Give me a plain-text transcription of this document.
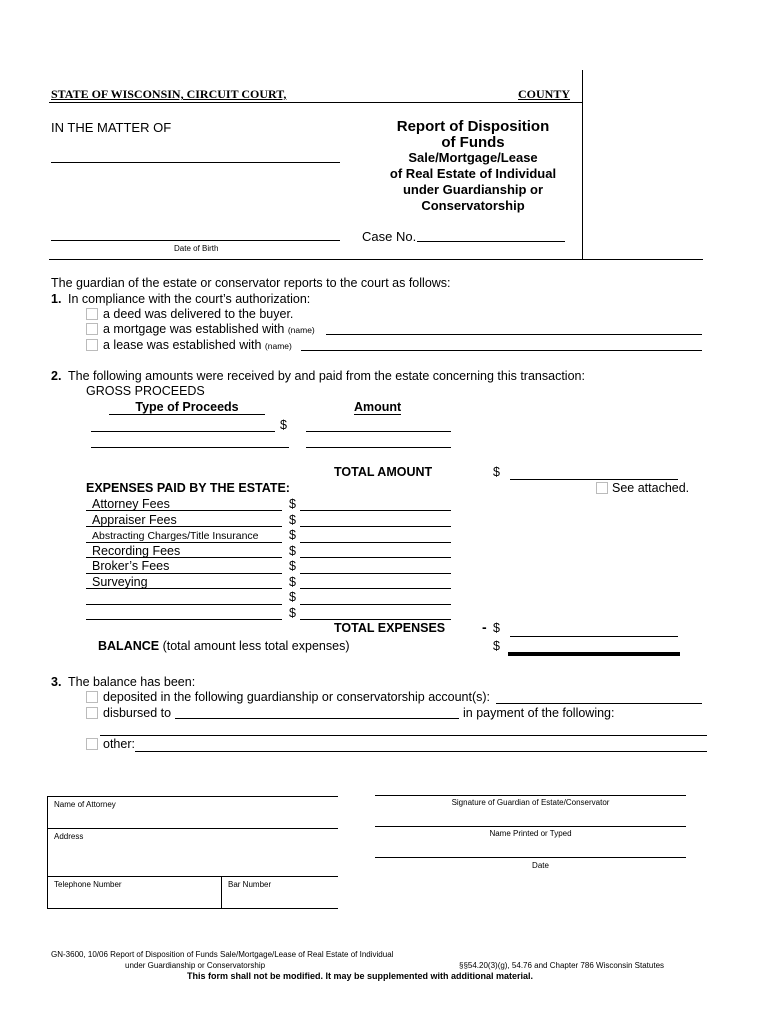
STATE OF WISCONSIN, CIRCUIT COURT,	COUNTY
IN THE MATTER OF
Date of Birth
Report of Disposition
of Funds
Sale/Mortgage/Lease
of Real Estate of Individual
under Guardianship or
Conservatorship
Case No.
The guardian of the estate or conservator reports to the court as follows:
1. In compliance with the court’s authorization:
a deed was delivered to the buyer.
a mortgage was established with (name)
a lease was established with (name)
2. The following amounts were received by and paid from the estate concerning this transaction:
GROSS PROCEEDS
Type of Proceeds	Amount
$
TOTAL AMOUNT	$
EXPENSES PAID BY THE ESTATE:	See attached.
Attorney Fees	$
Appraiser Fees	$
Abstracting Charges/Title Insurance $
Recording Fees	$
Broker’s Fees	$
Surveying	$
$
$
TOTAL EXPENSES	- $
BALANCE (total amount less total expenses)	$
3. The balance has been:
deposited in the following guardianship or conservatorship account(s):
disbursed to	in payment of the following:
other:
Name of Attorney
Address
Telephone Number	Bar Number
Signature of Guardian of Estate/Conservator
Name Printed or Typed
Date
GN-3600, 10/06 Report of Disposition of Funds Sale/Mortgage/Lease of Real Estate of Individual
under Guardianship or Conservatorship	§§54.20(3)(g), 54.76 and Chapter 786 Wisconsin Statutes
This form shall not be modified. It may be supplemented with additional material.
